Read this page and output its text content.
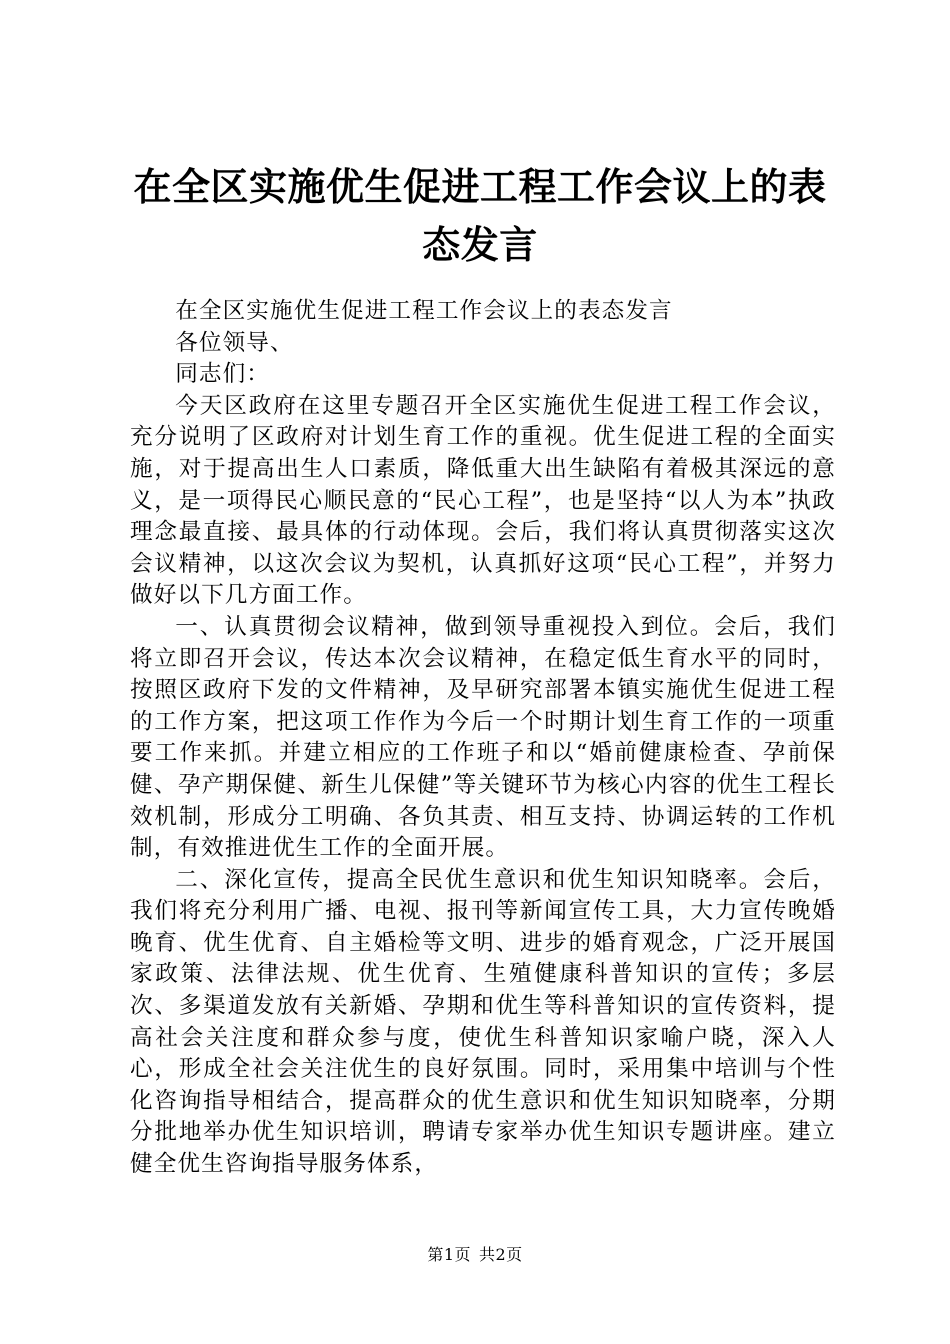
在全区实施优生促进工程工作会议上的表态发言

在全区实施优生促进工程工作会议上的表态发言

各位领导、

同志们：

今天区政府在这里专题召开全区实施优生促进工程工作会议，充分说明了区政府对计划生育工作的重视。优生促进工程的全面实施，对于提高出生人口素质，降低重大出生缺陷有着极其深远的意义，是一项得民心顺民意的“民心工程”，也是坚持“以人为本”执政理念最直接、最具体的行动体现。会后，我们将认真贯彻落实这次会议精神，以这次会议为契机，认真抓好这项“民心工程”，并努力做好以下几方面工作。

一、认真贯彻会议精神，做到领导重视投入到位。会后，我们将立即召开会议，传达本次会议精神，在稳定低生育水平的同时，按照区政府下发的文件精神，及早研究部署本镇实施优生促进工程的工作方案，把这项工作作为今后一个时期计划生育工作的一项重要工作来抓。并建立相应的工作班子和以“婚前健康检查、孕前保健、孕产期保健、新生儿保健”等关键环节为核心内容的优生工程长效机制，形成分工明确、各负其责、相互支持、协调运转的工作机制，有效推进优生工作的全面开展。

二、深化宣传，提高全民优生意识和优生知识知晓率。会后，我们将充分利用广播、电视、报刊等新闻宣传工具，大力宣传晚婚晚育、优生优育、自主婚检等文明、进步的婚育观念，广泛开展国家政策、法律法规、优生优育、生殖健康科普知识的宣传；多层次、多渠道发放有关新婚、孕期和优生等科普知识的宣传资料，提高社会关注度和群众参与度，使优生科普知识家喻户晓，深入人心，形成全社会关注优生的良好氛围。同时，采用集中培训与个性化咨询指导相结合，提高群众的优生意识和优生知识知晓率，分期分批地举办优生知识培训，聘请专家举办优生知识专题讲座。建立健全优生咨询指导服务体系，

第1页 共2页
